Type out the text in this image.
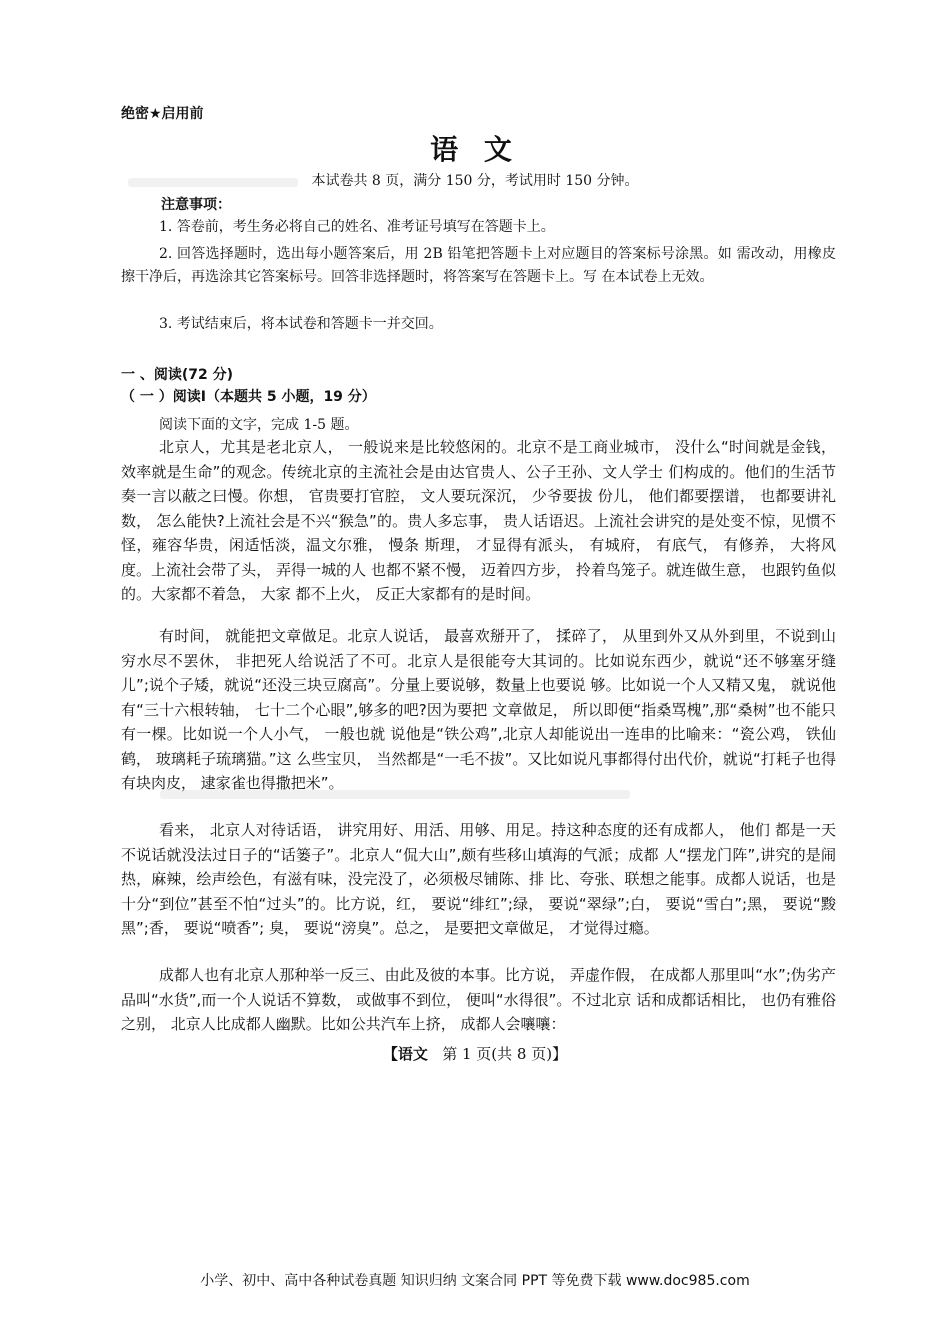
绝密★启用前
语 文
本试卷共 8 页，满分 150 分，考试用时 150 分钟。
注意事项：

1. 答卷前，考生务必将自己的姓名、准考证号填写在答题卡上。

2. 回答选择题时，选出每小题答案后，用 2B 铅笔把答题卡上对应题目的答案标号涂黑。如 需改动，用橡皮擦干净后，再选涂其它答案标号。回答非选择题时，将答案写在答题卡上。写 在本试卷上无效。

3. 考试结束后，将本试卷和答题卡一并交回。

一 、阅读(72 分)
（ 一 ）阅读Ⅰ（本题共 5 小题，19 分）
阅读下面的文字，完成 1-5 题。

北京人，尤其是老北京人， 一般说来是比较悠闲的。北京不是工商业城市， 没什么“时间就是金钱， 效率就是生命”的观念。传统北京的主流社会是由达官贵人、公子王孙、文人学士 们构成的。他们的生活节奏一言以蔽之曰慢。你想， 官贵要打官腔， 文人要玩深沉， 少爷要拔 份儿， 他们都要摆谱， 也都要讲礼数， 怎么能快?上流社会是不兴“猴急”的。贵人多忘事， 贵人话语迟。上流社会讲究的是处变不惊，见惯不怪，雍容华贵，闲适恬淡，温文尔雅， 慢条 斯理， 才显得有派头， 有城府， 有底气， 有修养， 大将风度。上流社会带了头， 弄得一城的人 也都不紧不慢， 迈着四方步， 拎着鸟笼子。就连做生意， 也跟钓鱼似的。大家都不着急， 大家 都不上火， 反正大家都有的是时间。

有时间， 就能把文章做足。北京人说话， 最喜欢掰开了， 揉碎了， 从里到外又从外到里，不说到山穷水尽不罢休， 非把死人给说活了不可。北京人是很能夸大其词的。比如说东西少，就说“还不够塞牙缝儿”;说个子矮，就说“还没三块豆腐高”。分量上要说够，数量上也要说 够。比如说一个人又精又鬼， 就说他有“三十六根转轴， 七十二个心眼”,够多的吧?因为要把 文章做足， 所以即便“指桑骂槐”,那“桑树”也不能只有一棵。比如说一个人小气， 一般也就 说他是“铁公鸡”,北京人却能说出一连串的比喻来：“瓷公鸡， 铁仙鹤， 玻璃耗子琉璃猫。”这 么些宝贝， 当然都是“一毛不拔”。又比如说凡事都得付出代价，就说“打耗子也得有块肉皮， 逮家雀也得撒把米”。

看来， 北京人对待话语， 讲究用好、用活、用够、用足。持这种态度的还有成都人， 他们 都是一天不说话就没法过日子的“话篓子”。北京人“侃大山”,颇有些移山填海的气派；成都 人“摆龙门阵”,讲究的是闹热，麻辣，绘声绘色，有滋有味，没完没了，必须极尽铺陈、排 比、夸张、联想之能事。成都人说话，也是十分“到位”甚至不怕“过头”的。比方说，红， 要说“绯红”;绿， 要说“翠绿”;白， 要说“雪白”;黑， 要说“黢黑”;香， 要说“喷香”; 臭， 要说“滂臭”。总之， 是要把文章做足， 才觉得过瘾。

成都人也有北京人那种举一反三、由此及彼的本事。比方说， 弄虚作假， 在成都人那里叫“水”;伪劣产品叫“水货”,而一个人说话不算数， 或做事不到位， 便叫“水得很”。不过北京 话和成都话相比， 也仍有雅俗之别， 北京人比成都人幽默。比如公共汽车上挤， 成都人会嚷嚷：

【语文 第 1 页(共 8 页)】
小学、初中、高中各种试卷真题 知识归纳 文案合同 PPT 等免费下载 www.doc985.com
